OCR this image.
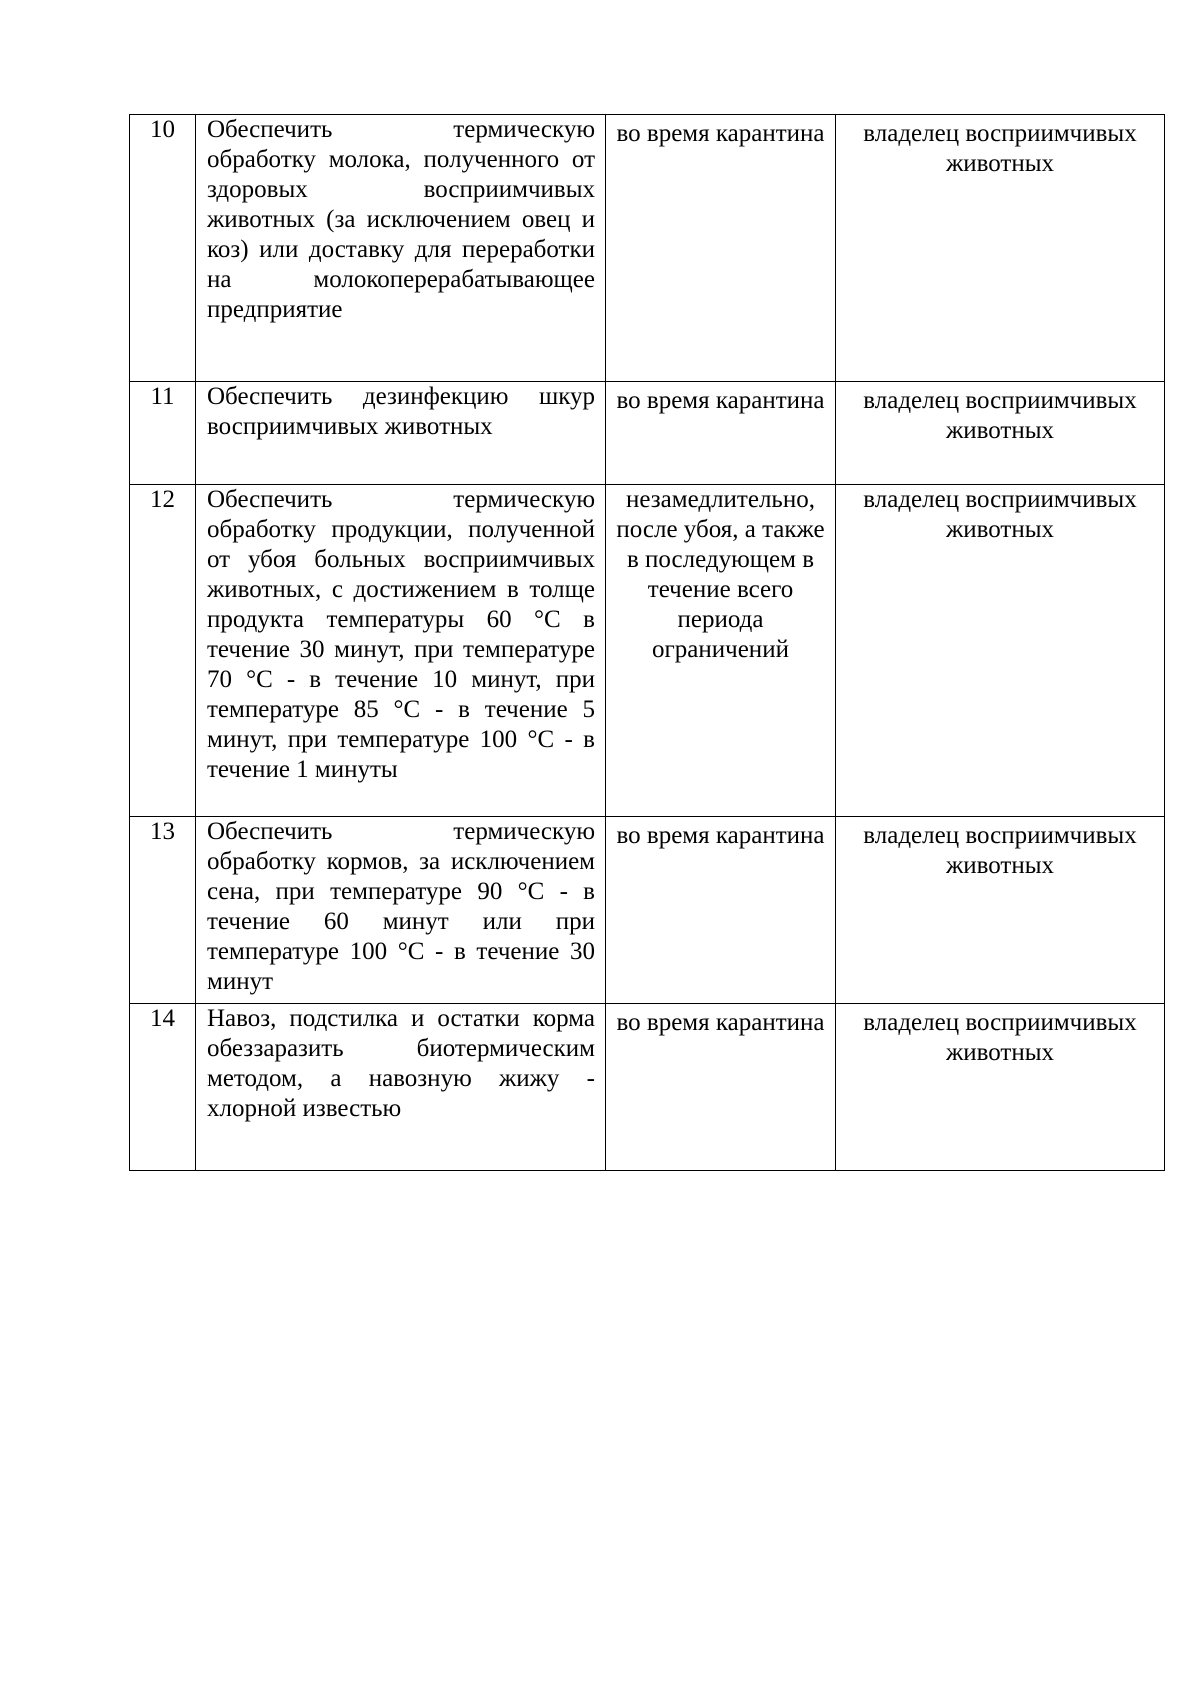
10	Обеспечить термическую обработку молока, полученного от здоровых восприимчивых животных (за исключением овец и коз) или доставку для переработки на молокоперерабатывающее предприятие	во время карантина	владелец восприимчивых животных
11	Обеспечить дезинфекцию шкур восприимчивых животных	во время карантина	владелец восприимчивых животных
12	Обеспечить термическую обработку продукции, полученной от убоя больных восприимчивых животных, с достижением в толще продукта температуры 60 °С в течение 30 минут, при температуре 70 °С - в течение 10 минут, при температуре 85 °С - в течение 5 минут, при температуре 100 °С - в течение 1 минуты	незамедлительно, после убоя, а также в последующем в течение всего периода ограничений	владелец восприимчивых животных
13	Обеспечить термическую обработку кормов, за исключением сена, при температуре 90 °С - в течение 60 минут или при температуре 100 °С - в течение 30 минут	во время карантина	владелец восприимчивых животных
14	Навоз, подстилка и остатки корма обеззаразить биотермическим методом, а навозную жижу - хлорной известью	во время карантина	владелец восприимчивых животных
